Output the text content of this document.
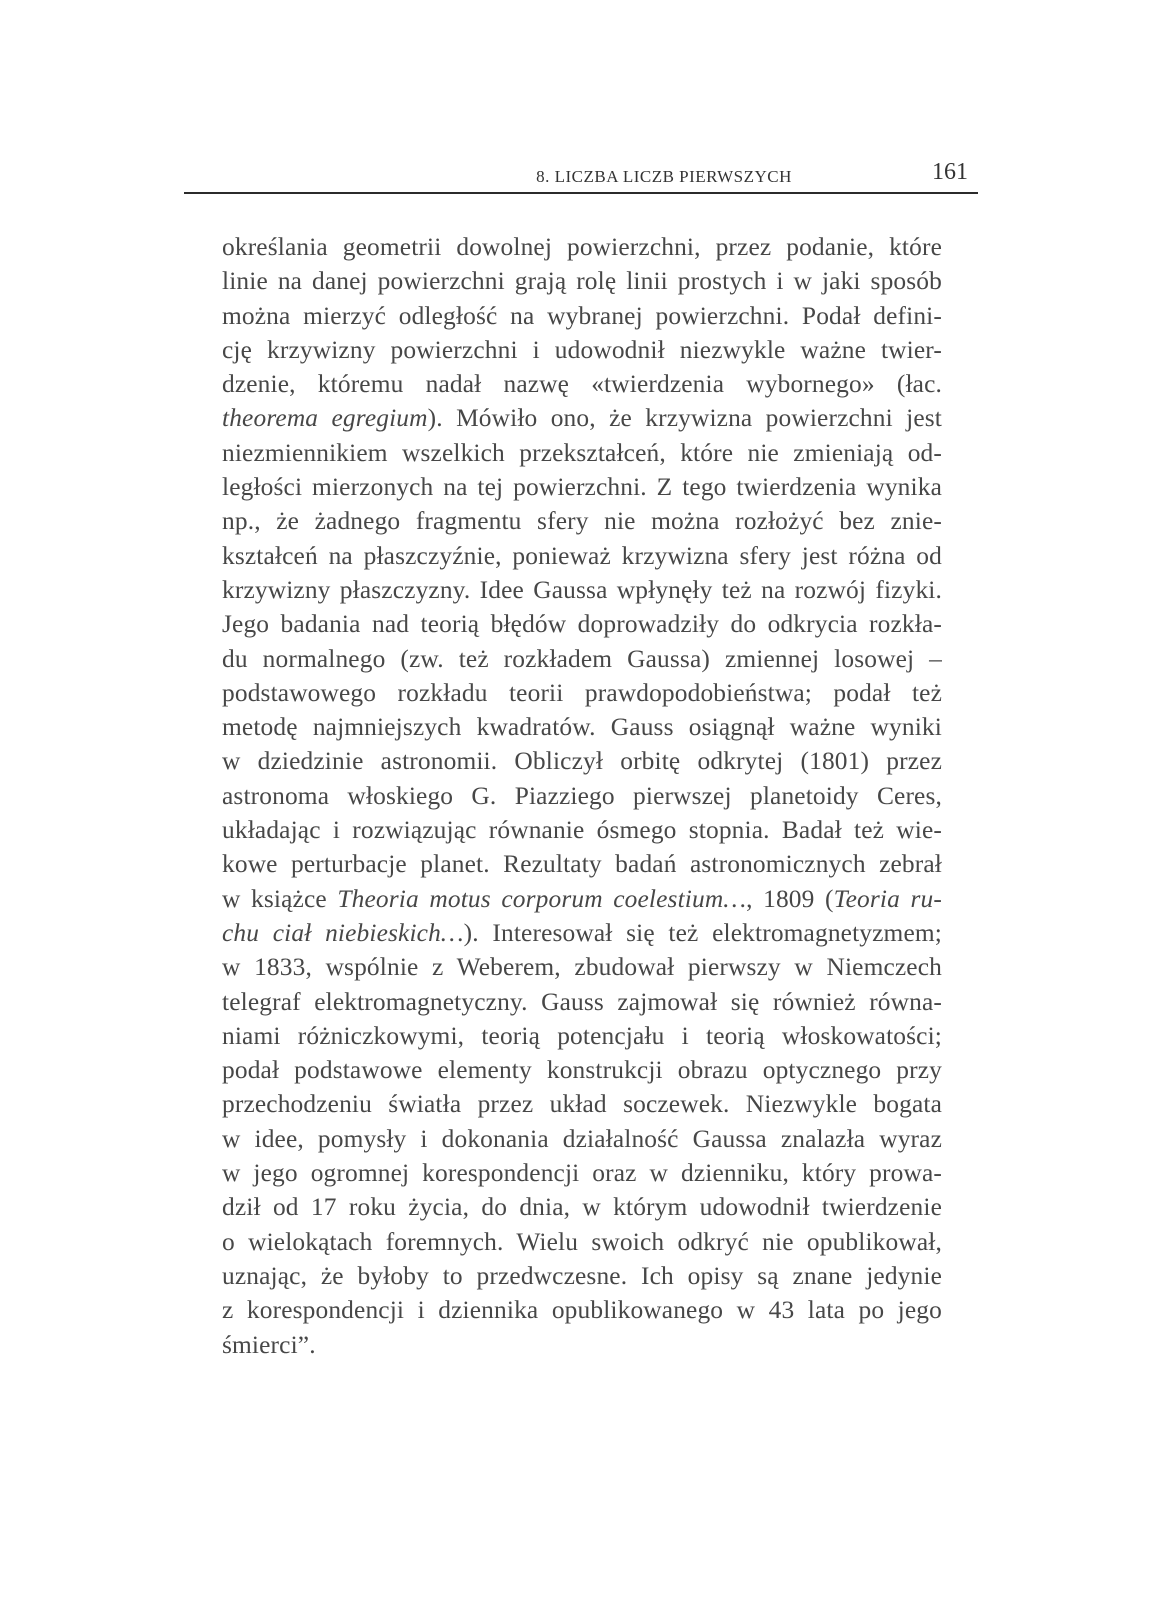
8. LICZBA LICZB PIERWSZYCH	161
określania geometrii dowolnej powierzchni, przez podanie, które
linie na danej powierzchni grają rolę linii prostych i w jaki sposób
można mierzyć odległość na wybranej powierzchni. Podał defini-
cję krzywizny powierzchni i udowodnił niezwykle ważne twier-
dzenie, któremu nadał nazwę «twierdzenia wybornego» (łac.
theorema egregium). Mówiło ono, że krzywizna powierzchni jest
niezmiennikiem wszelkich przekształceń, które nie zmieniają od-
ległości mierzonych na tej powierzchni. Z tego twierdzenia wynika
np., że żadnego fragmentu sfery nie można rozłożyć bez znie-
kształceń na płaszczyźnie, ponieważ krzywizna sfery jest różna od
krzywizny płaszczyzny. Idee Gaussa wpłynęły też na rozwój fizyki.
Jego badania nad teorią błędów doprowadziły do odkrycia rozkła-
du normalnego (zw. też rozkładem Gaussa) zmiennej losowej –
podstawowego rozkładu teorii prawdopodobieństwa; podał też
metodę najmniejszych kwadratów. Gauss osiągnął ważne wyniki
w dziedzinie astronomii. Obliczył orbitę odkrytej (1801) przez
astronoma włoskiego G. Piazziego pierwszej planetoidy Ceres,
układając i rozwiązując równanie ósmego stopnia. Badał też wie-
kowe perturbacje planet. Rezultaty badań astronomicznych zebrał
w książce Theoria motus corporum coelestium…, 1809 (Teoria ru-
chu ciał niebieskich…). Interesował się też elektromagnetyzmem;
w 1833, wspólnie z Weberem, zbudował pierwszy w Niemczech
telegraf elektromagnetyczny. Gauss zajmował się również równa-
niami różniczkowymi, teorią potencjału i teorią włoskowatości;
podał podstawowe elementy konstrukcji obrazu optycznego przy
przechodzeniu światła przez układ soczewek. Niezwykle bogata
w idee, pomysły i dokonania działalność Gaussa znalazła wyraz
w jego ogromnej korespondencji oraz w dzienniku, który prowa-
dził od 17 roku życia, do dnia, w którym udowodnił twierdzenie
o wielokątach foremnych. Wielu swoich odkryć nie opublikował,
uznając, że byłoby to przedwczesne. Ich opisy są znane jedynie
z korespondencji i dziennika opublikowanego w 43 lata po jego
śmierci”.
